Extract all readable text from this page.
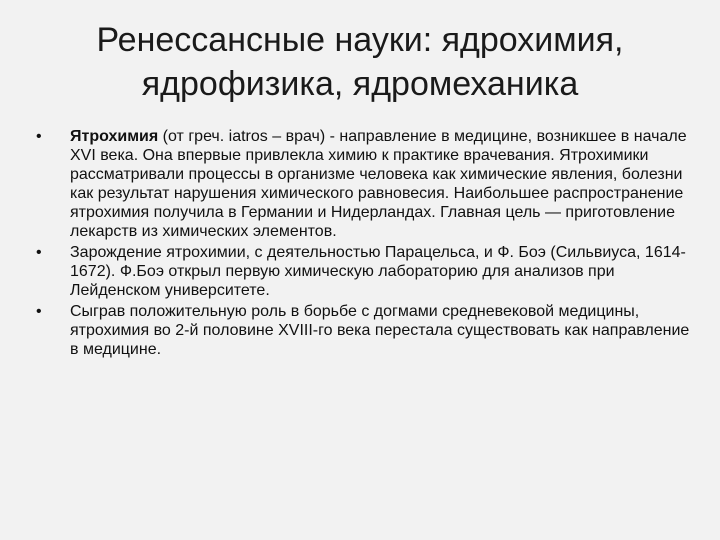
Ренессансные науки: ядрохимия,
ядрофизика, ядромеханика
•	Ятрохимия (от греч. iatros – врач) - направление в медицине, возникшее в начале XVI века. Она впервые привлекла химию к практике врачевания. Ятрохимики рассматривали процессы в организме человека как химические явления, болезни как результат нарушения химического равновесия. Наибольшее распространение ятрохимия получила в Германии и Нидерландах. Главная цель — приготовление лекарств из химических элементов.
•	Зарождение ятрохимии, с деятельностью Парацельса, и Ф. Боэ (Сильвиуса, 1614-1672). Ф.Боэ открыл первую химическую лабораторию для анализов при Лейденском университете.
•	Сыграв положительную роль в борьбе с догмами средневековой медицины, ятрохимия во 2-й половине XVIII-го века перестала существовать как направление в медицине.
